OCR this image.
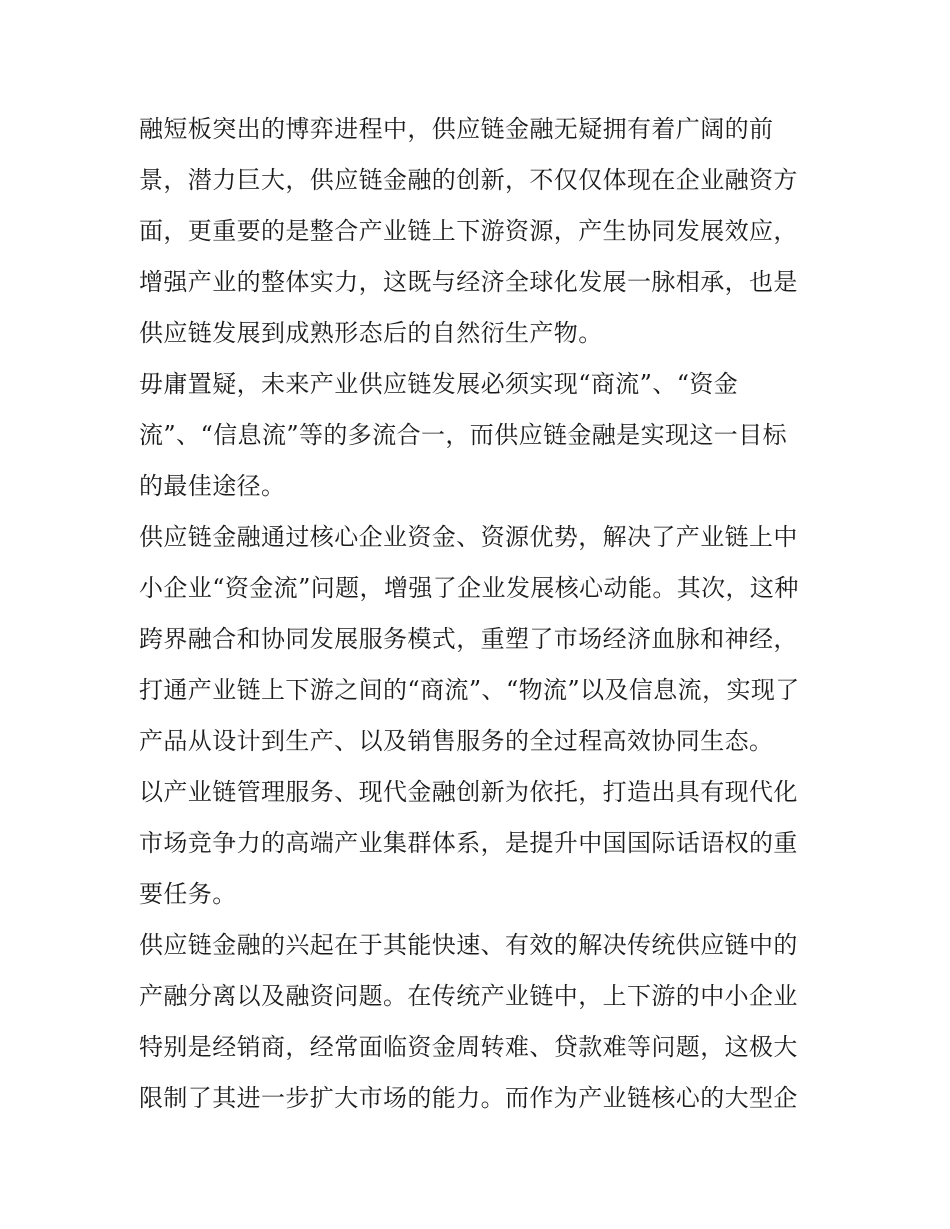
融短板突出的博弈进程中，供应链金融无疑拥有着广阔的前
景，潜力巨大，供应链金融的创新，不仅仅体现在企业融资方
面，更重要的是整合产业链上下游资源，产生协同发展效应，
增强产业的整体实力，这既与经济全球化发展一脉相承，也是
供应链发展到成熟形态后的自然衍生产物。
毋庸置疑，未来产业供应链发展必须实现“商流”、“资金
流”、“信息流”等的多流合一，而供应链金融是实现这一目标
的最佳途径。
供应链金融通过核心企业资金、资源优势，解决了产业链上中
小企业“资金流”问题，增强了企业发展核心动能。其次，这种
跨界融合和协同发展服务模式，重塑了市场经济血脉和神经，
打通产业链上下游之间的“商流”、“物流”以及信息流，实现了
产品从设计到生产、以及销售服务的全过程高效协同生态。
以产业链管理服务、现代金融创新为依托，打造出具有现代化
市场竞争力的高端产业集群体系，是提升中国国际话语权的重
要任务。
供应链金融的兴起在于其能快速、有效的解决传统供应链中的
产融分离以及融资问题。在传统产业链中，上下游的中小企业
特别是经销商，经常面临资金周转难、贷款难等问题，这极大
限制了其进一步扩大市场的能力。而作为产业链核心的大型企
